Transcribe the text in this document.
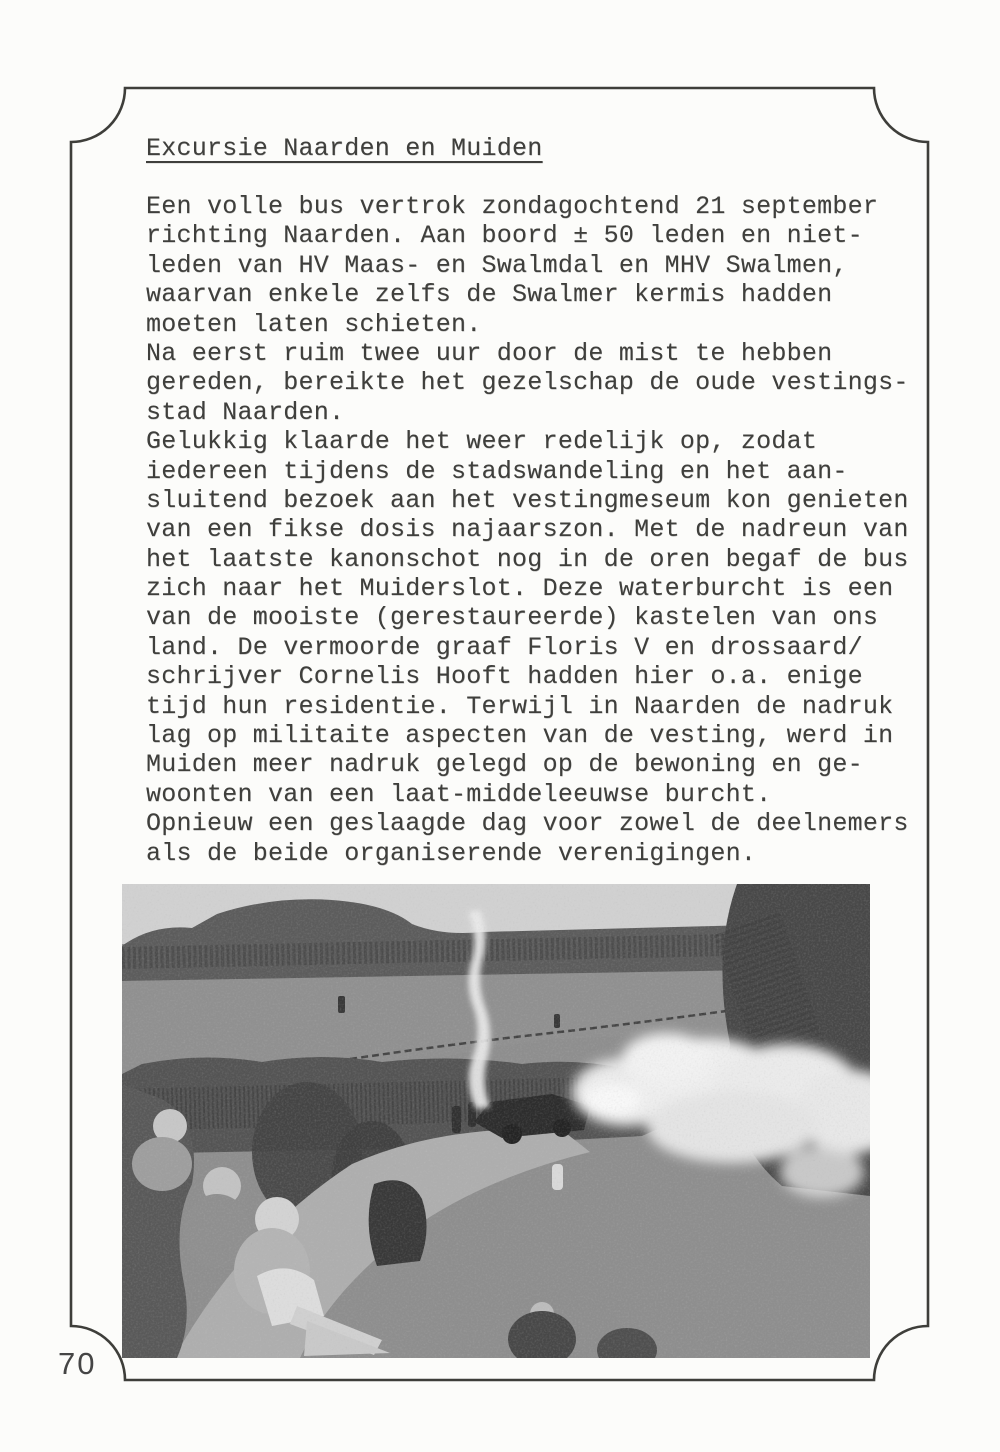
Excursie Naarden en Muiden
Een volle bus vertrok zondagochtend 21 september
richting Naarden. Aan boord ± 50 leden en niet-
leden van HV Maas- en Swalmdal en MHV Swalmen,
waarvan enkele zelfs de Swalmer kermis hadden
moeten laten schieten.
Na eerst ruim twee uur door de mist te hebben
gereden, bereikte het gezelschap de oude vestings-
stad Naarden.
Gelukkig klaarde het weer redelijk op, zodat
iedereen tijdens de stadswandeling en het aan-
sluitend bezoek aan het vestingmeseum kon genieten
van een fikse dosis najaarszon. Met de nadreun van
het laatste kanonschot nog in de oren begaf de bus
zich naar het Muiderslot. Deze waterburcht is een
van de mooiste (gerestaureerde) kastelen van ons
land. De vermoorde graaf Floris V en drossaard/
schrijver Cornelis Hooft hadden hier o.a. enige
tijd hun residentie. Terwijl in Naarden de nadruk
lag op militaite aspecten van de vesting, werd in
Muiden meer nadruk gelegd op de bewoning en ge-
woonten van een laat-middeleeuwse burcht.
Opnieuw een geslaagde dag voor zowel de deelnemers
als de beide organiserende verenigingen.
70
